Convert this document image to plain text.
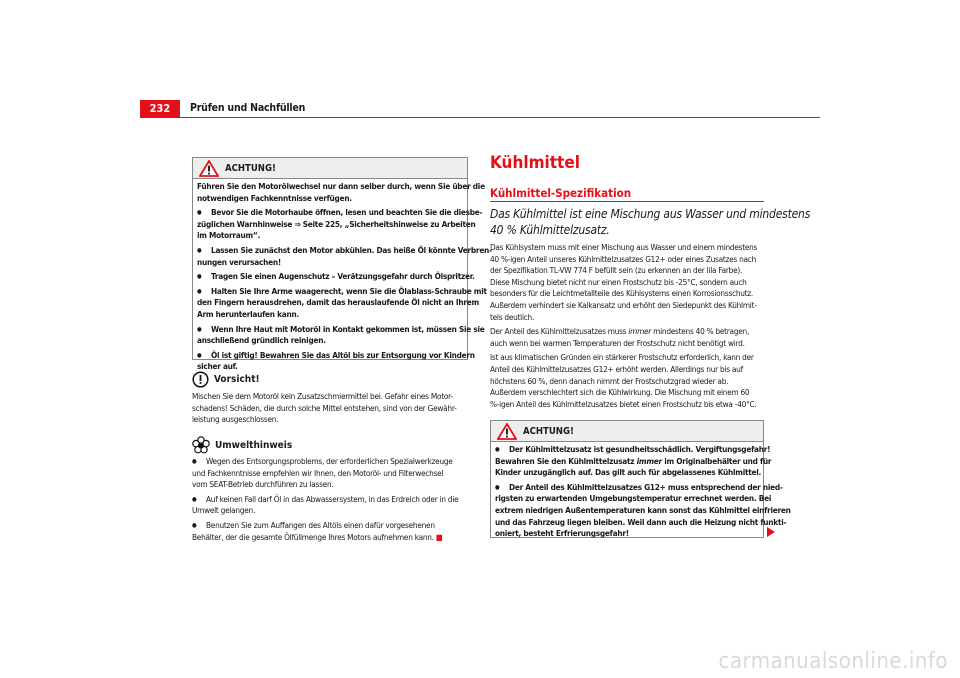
232	Prüfen und Nachfüllen
ACHTUNG!
Führen Sie den Motorölwechsel nur dann selber durch, wenn Sie über die
notwendigen Fachkenntnisse verfügen.
● Bevor Sie die Motorhaube öffnen, lesen und beachten Sie die diesbe-
züglichen Warnhinweise ⇒ Seite 225, „Sicherheitshinweise zu Arbeiten
im Motorraum“.
● Lassen Sie zunächst den Motor abkühlen. Das heiße Öl könnte Verbren-
nungen verursachen!
● Tragen Sie einen Augenschutz – Verätzungsgefahr durch Ölspritzer.
● Halten Sie Ihre Arme waagerecht, wenn Sie die Ölablass-Schraube mit
den Fingern herausdrehen, damit das herauslaufende Öl nicht an Ihrem
Arm herunterlaufen kann.
● Wenn Ihre Haut mit Motoröl in Kontakt gekommen ist, müssen Sie sie
anschließend gründlich reinigen.
● Öl ist giftig! Bewahren Sie das Altöl bis zur Entsorgung vor Kindern
sicher auf.
Vorsicht!
Mischen Sie dem Motoröl kein Zusatzschmiermittel bei. Gefahr eines Motor-
schadens! Schäden, die durch solche Mittel entstehen, sind von der Gewähr-
leistung ausgeschlossen.
Umwelthinweis
● Wegen des Entsorgungsproblems, der erforderlichen Spezialwerkzeuge
und Fachkenntnisse empfehlen wir Ihnen, den Motoröl- und Filterwechsel
vom SEAT-Betrieb durchführen zu lassen.
● Auf keinen Fall darf Öl in das Abwassersystem, in das Erdreich oder in die
Umwelt gelangen.
● Benutzen Sie zum Auffangen des Altöls einen dafür vorgesehenen
Behälter, der die gesamte Ölfüllmenge Ihres Motors aufnehmen kann. ■
Kühlmittel
Kühlmittel-Spezifikation
Das Kühlmittel ist eine Mischung aus Wasser und mindestens
40 % Kühlmittelzusatz.
Das Kühlsystem muss mit einer Mischung aus Wasser und einem mindestens
40 %-igen Anteil unseres Kühlmittelzusatzes G12+ oder eines Zusatzes nach
der Spezifikation TL-VW 774 F befüllt sein (zu erkennen an der lila Farbe).
Diese Mischung bietet nicht nur einen Frostschutz bis -25°C, sondern auch
besonders für die Leichtmetallteile des Kühlsystems einen Korrosionsschutz.
Außerdem verhindert sie Kalkansatz und erhöht den Siedepunkt des Kühlmit-
tels deutlich.
Der Anteil des Kühlmittelzusatzes muss immer mindestens 40 % betragen,
auch wenn bei warmen Temperaturen der Frostschutz nicht benötigt wird.
Ist aus klimatischen Gründen ein stärkerer Frostschutz erforderlich, kann der
Anteil des Kühlmittelzusatzes G12+ erhöht werden. Allerdings nur bis auf
höchstens 60 %, denn danach nimmt der Frostschutzgrad wieder ab.
Außerdem verschlechtert sich die Kühlwirkung. Die Mischung mit einem 60
%-igen Anteil des Kühlmittelzusatzes bietet einen Frostschutz bis etwa -40°C.
ACHTUNG!
● Der Kühlmittelzusatz ist gesundheitsschädlich. Vergiftungsgefahr!
Bewahren Sie den Kühlmittelzusatz immer im Originalbehälter und für
Kinder unzugänglich auf. Das gilt auch für abgelassenes Kühlmittel.
● Der Anteil des Kühlmittelzusatzes G12+ muss entsprechend der nied-
rigsten zu erwartenden Umgebungstemperatur errechnet werden. Bei
extrem niedrigen Außentemperaturen kann sonst das Kühlmittel einfrieren
und das Fahrzeug liegen bleiben. Weil dann auch die Heizung nicht funkti-
oniert, besteht Erfrierungsgefahr!
carmanualsonline.info
